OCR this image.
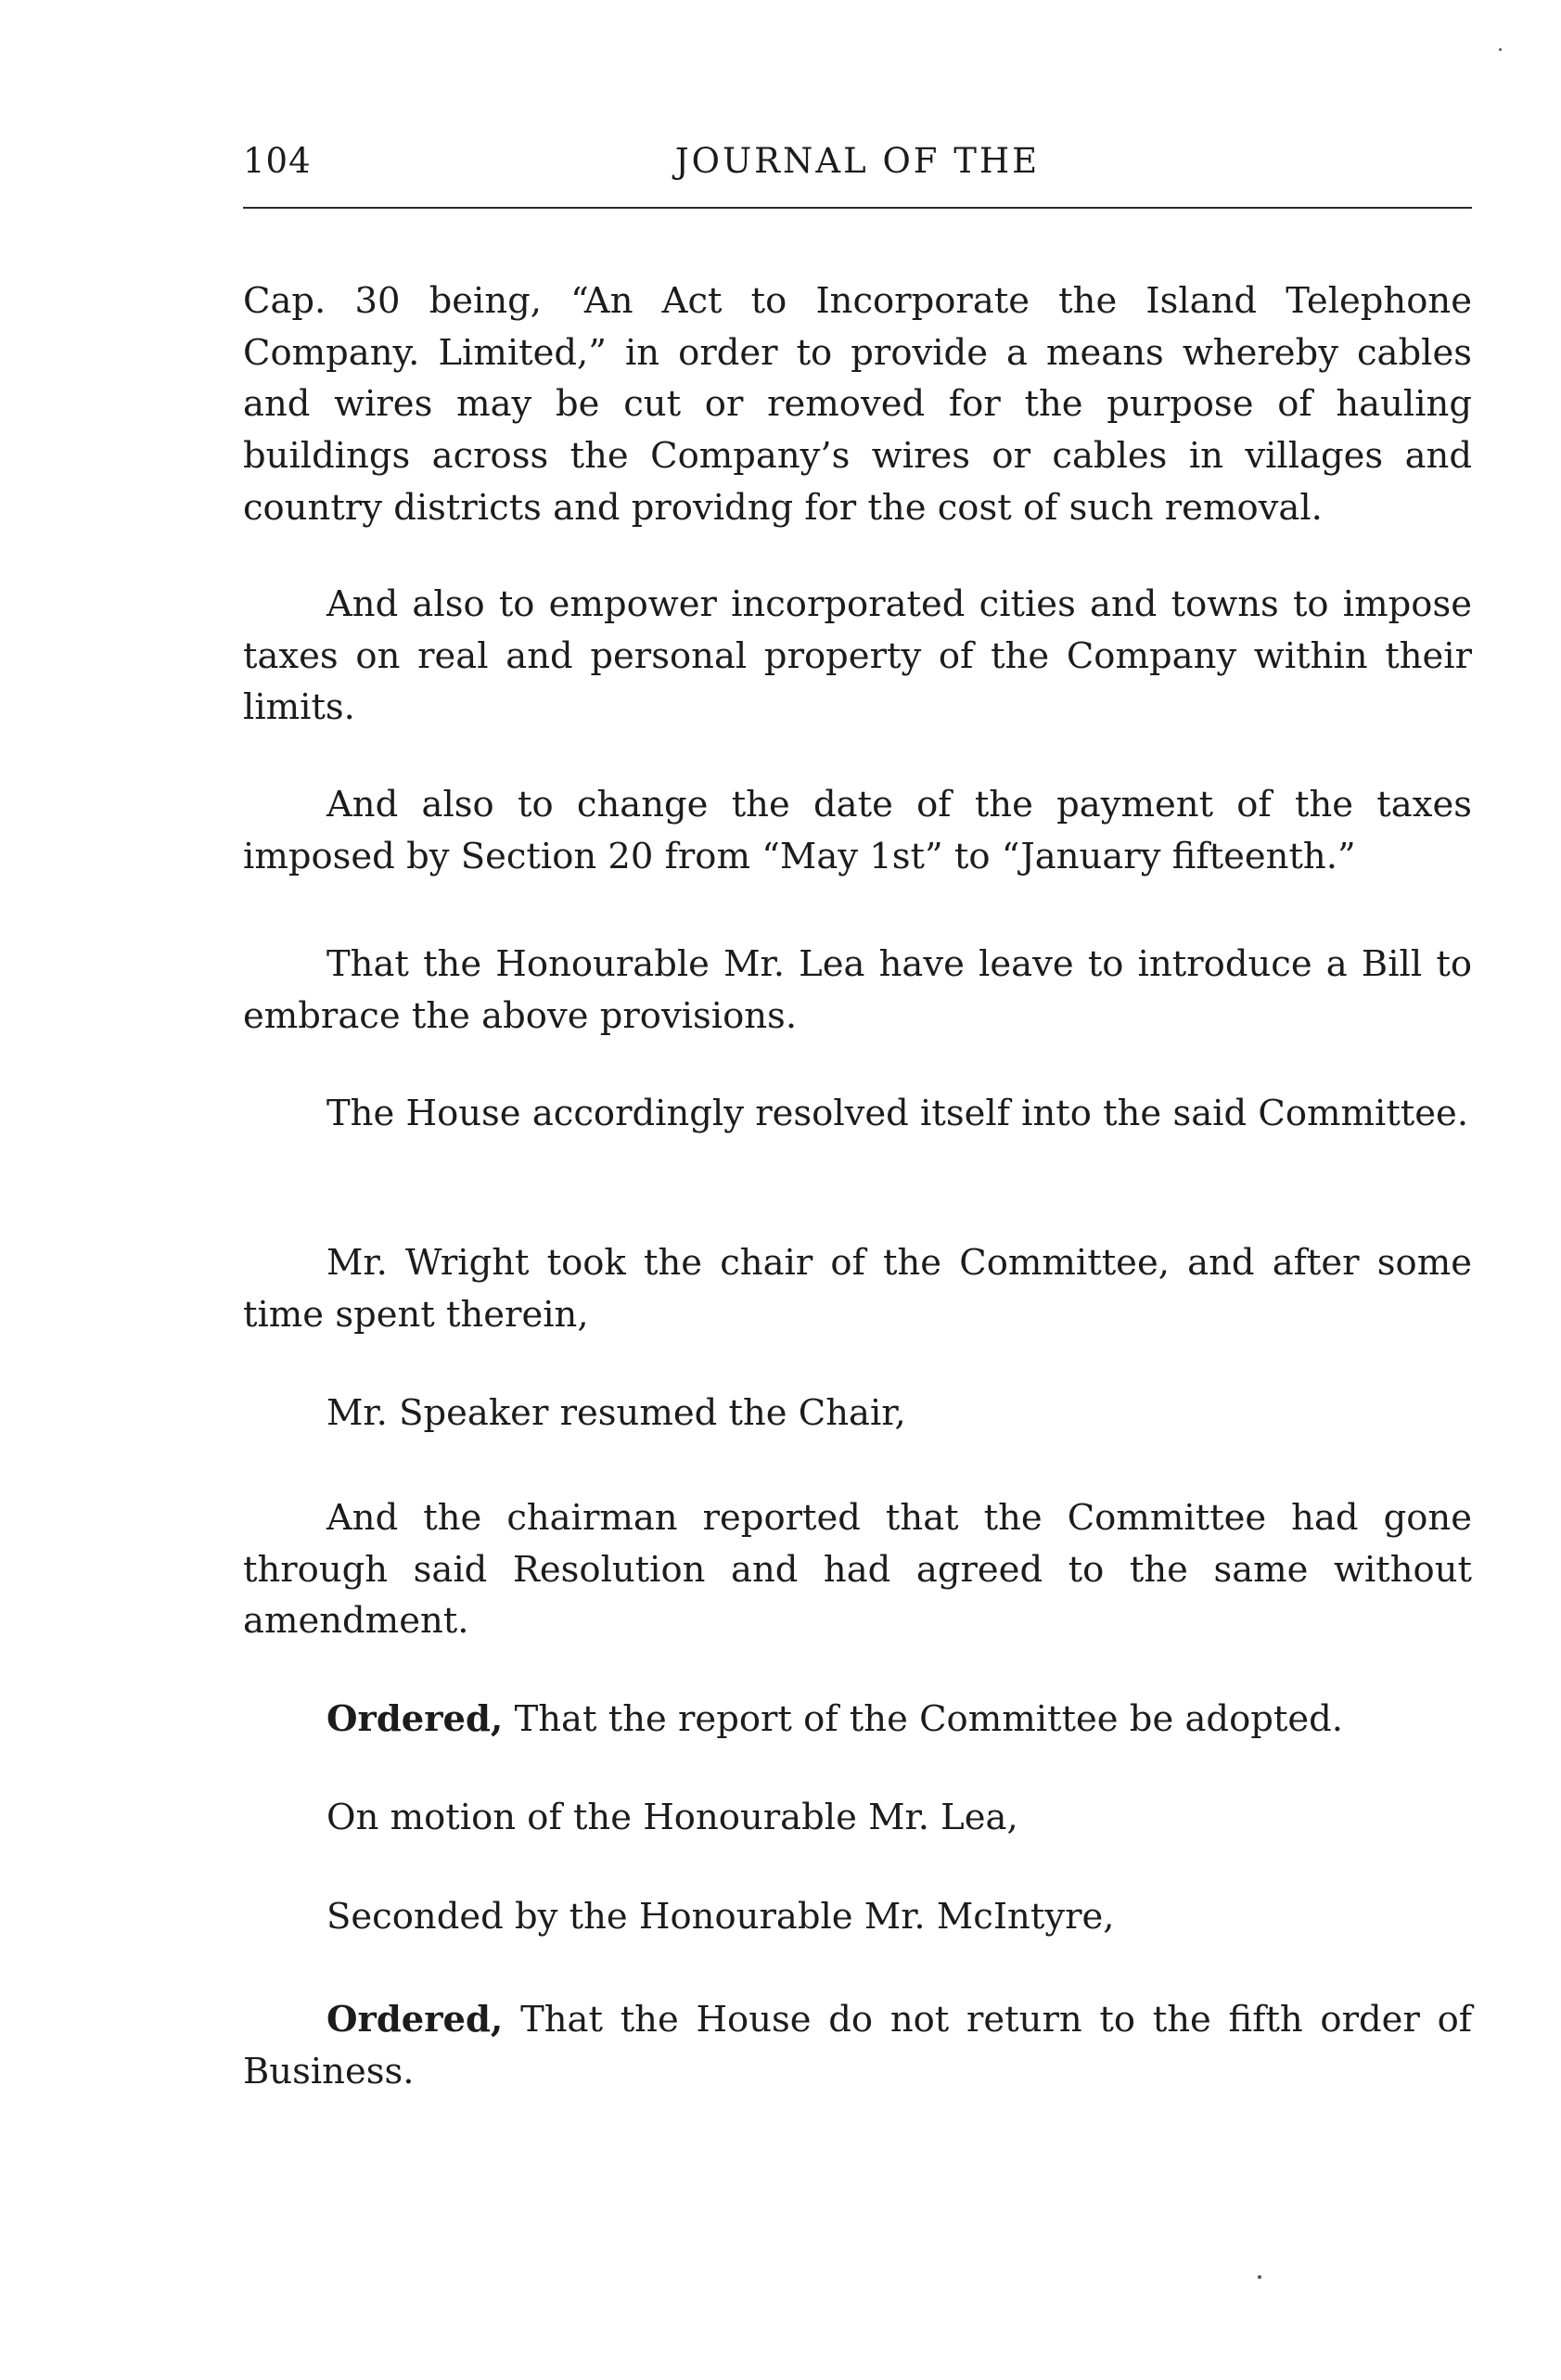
104	JOURNAL OF THE

Cap. 30 being, “An Act to Incorporate the Island Telephone Company. Limited,” in order to provide a means whereby cables and wires may be cut or removed for the purpose of hauling buildings across the Company’s wires or cables in villages and country districts and providng for the cost of such removal.

And also to empower incorporated cities and towns to impose taxes on real and personal property of the Company within their limits.

And also to change the date of the payment of the taxes imposed by Section 20 from “May 1st” to “January fifteenth.”

That the Honourable Mr. Lea have leave to introduce a Bill to embrace the above provisions.

The House accordingly resolved itself into the said Committee.

Mr. Wright took the chair of the Committee, and after some time spent therein,

Mr. Speaker resumed the Chair,

And the chairman reported that the Committee had gone through said Resolution and had agreed to the same without amendment.

Ordered, That the report of the Committee be adopted.

On motion of the Honourable Mr. Lea,

Seconded by the Honourable Mr. McIntyre,

Ordered, That the House do not return to the fifth order of Business.
